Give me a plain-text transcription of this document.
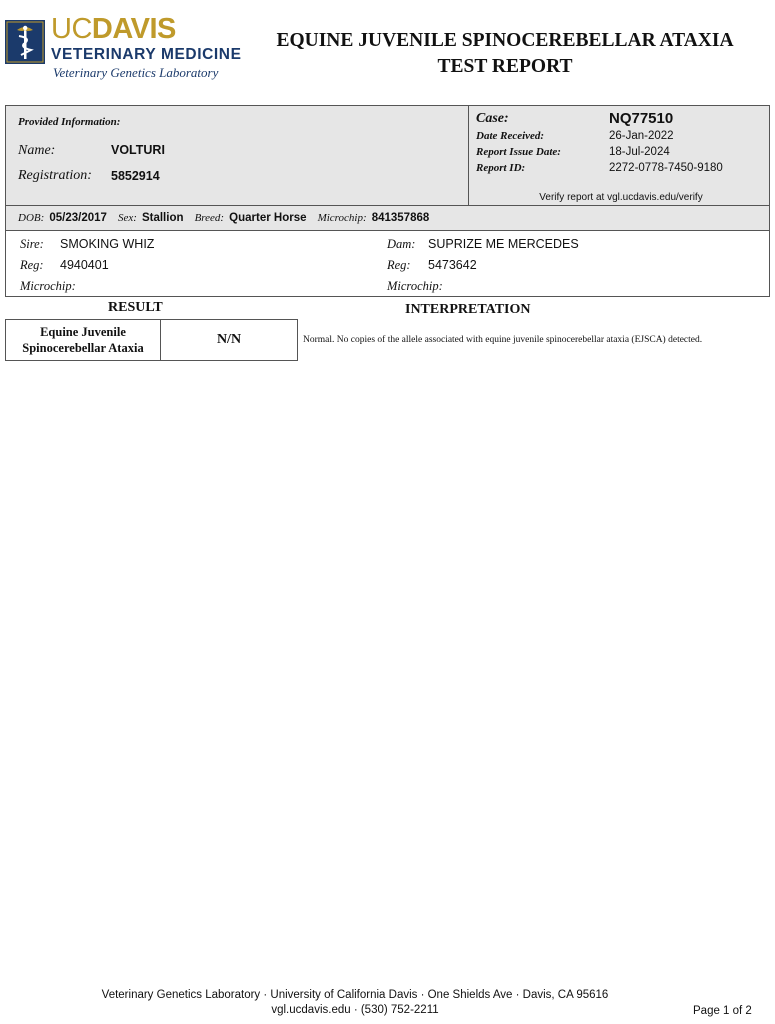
UCDAVIS
VETERINARY MEDICINE
Veterinary Genetics Laboratory
EQUINE JUVENILE SPINOCEREBELLAR ATAXIA
TEST REPORT
Provided Information:
Name:	VOLTURI
Registration: 5852914
Case:	NQ77510
Date Received:	26-Jan-2022
Report Issue Date:	18-Jul-2024
Report ID:	2272-0778-7450-9180
Verify report at vgl.ucdavis.edu/verify
DOB: 05/23/2017 Sex: Stallion Breed: Quarter Horse Microchip: 841357868
Sire: SMOKING WHIZ
Reg: 4940401
Microchip:
Dam: SUPRIZE ME MERCEDES
Reg: 5473642
Microchip:
RESULT	INTERPRETATION
Equine Juvenile
Spinocerebellar Ataxia
N/N	Normal. No copies of the allele associated with equine juvenile spinocerebellar ataxia (EJSCA) detected.
Veterinary Genetics Laboratory · University of California Davis · One Shields Ave · Davis, CA 95616
vgl.ucdavis.edu · (530) 752-2211	Page 1 of 2
